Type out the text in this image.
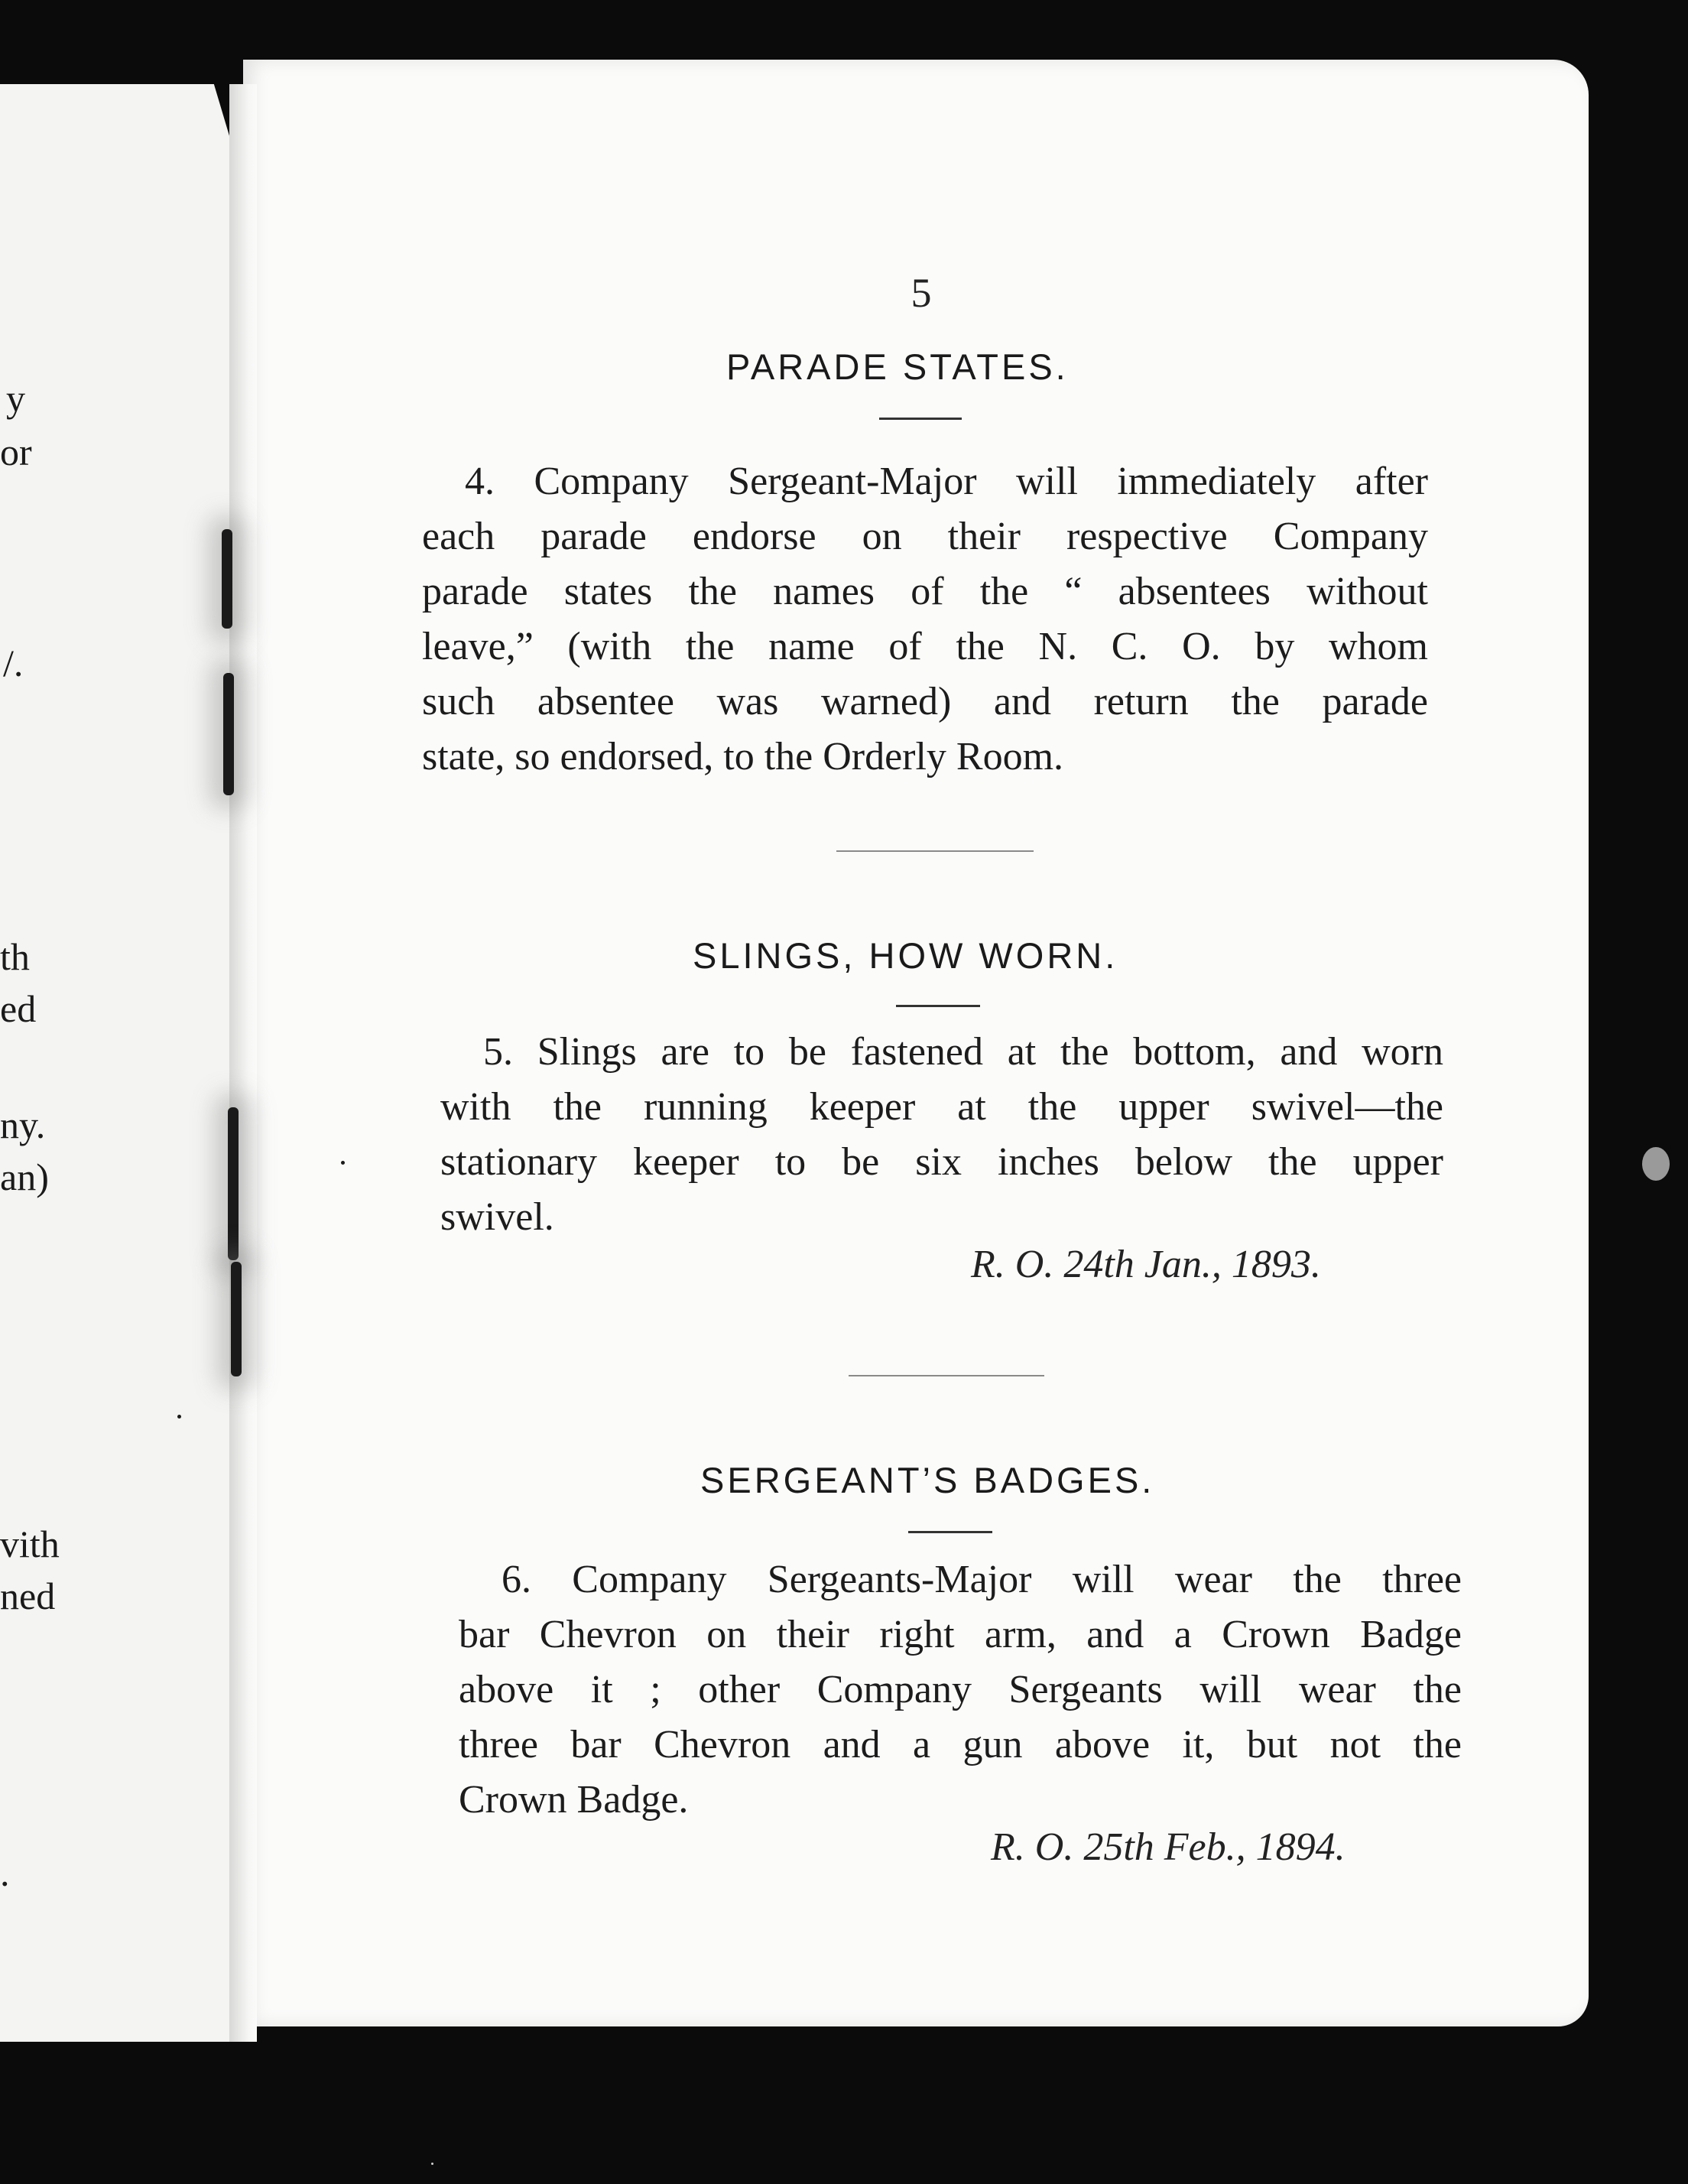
y
or
/.
th
ed
ny.
an)
vith
ned
.
5
PARADE STATES.
4. Company Sergeant-Major will immediately after
each parade endorse on their respective Company
parade states the names of the “ absentees without
leave,” (with the name of the N. C. O. by whom
such absentee was warned) and return the parade
state, so endorsed, to the Orderly Room.
SLINGS, HOW WORN.
5. Slings are to be fastened at the bottom, and worn
with the running keeper at the upper swivel—the
stationary keeper to be six inches below the upper
swivel.
R. O. 24th Jan., 1893.
SERGEANT’S BADGES.
6. Company Sergeants-Major will wear the three
bar Chevron on their right arm, and a Crown Badge
above it ; other Company Sergeants will wear the
three bar Chevron and a gun above it, but not the
Crown Badge.
R. O. 25th Feb., 1894.
